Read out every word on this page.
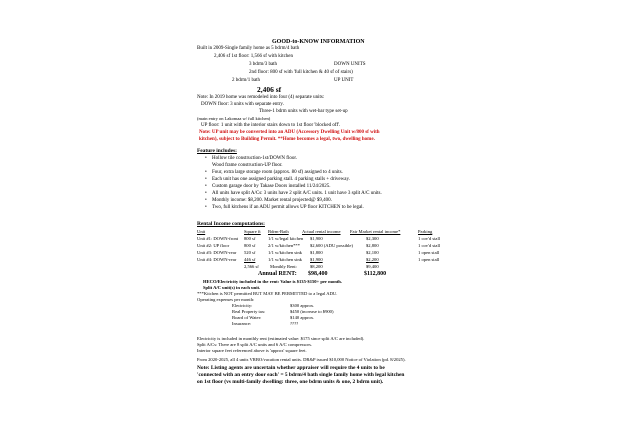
GOOD-to-KNOW INFORMATION
Built in 2009-Single family home as 5 bdrm/4 bath
2,406 sf 1st floor: 1,566 sf with kitchen
3 bdrm/3 bath	DOWN UNITS
2nd floor: 800 sf with 'full kitchen & 40 sf of stairs)
2 bdrm/1 bath	UP UNIT
2,406 sf
Note: In 2019 home was remodeled into four (4) separate units:
DOWN floor: 3 units with separate entry.
Three-1 bdrm units with wet-bar type set-up
(main entry on Lakomaa w/ full kitchen)
UP floor: 1 unit with the interior stairs down to 1st floor 'blocked off'.
Note: UP unit may be converted into an ADU (Accessory Dwelling Unit w/800 sf with
kitchen), subject to Building Permit. **Home becomes a legal, two, dwelling home.
Feature includes:
• Hollow tile construction-1st/DOWN floor.
Wood frame construction-UP floor.
• Four, extra large storage room (approx. 80 sf) assigned to 4 units.
• Each unit has one assigned parking stall. 4 parking stalls + driveway.
• Custom garage door by Takase Doors installed 11/24/2025.
• All units have split A/Cs: 3 units have 2 split A/C units. 1 unit have 3 split A/C units.
• Monthly income: $8,200. Market rental projected@ $9,400.
• Two, full kitchens if an ADU permit allows UP floor KITCHEN to be legal.
Rental Income computations:
Unit	Square ft Bdrm-Bath	Actual rental income Fair Market rental income*	Parking
Unit #1: DOWN-front 800 sf	1/1 w/legal kitchen $1,900	$2,300	1 cov'd stall
Unit #2: UP floor	800 sf	2/1 w/kitchen*** $2,600 (ADU possible)	$2,800	1 cov'd stall
Unit #3: DOWN-rear 520 sf	1/1 w/kitchen sink $1,800	$2,100	1 open stall
Unit #4: DOWN-rear 446 sf	1/1 w/kitchen sink $1,900	$2,200	1 open stall
2,566 sf Monthly Rent:	$8,200	$9,400
Annual RENT: $98,400	$112,800
HECO/Electricity included in the rent: Value is $135-$150+ per month.
Split A/C unit(s) in each unit.
***Kitchen is NOT permitted BUT MAY BE PERMITTED to a legal ADU.
Operating expenses per month:
Electricity:	$300 approx.
Real Property tax:	$450 (increase to $900)
Board of Water:	$140 approx.
Insurance:	????
Electricity is included in monthly rent (estimated value: $175 since split A/C are included).
Split A/Cs: There are 8 split A/C units and 6 A/C compressors.
Interior square feet referenced above is 'approx' square feet.
From 2020-2025, all 4 units VRBO/vacation rental units. DR&P issued $10,000 Notice of Violation (pd. 8/2025).
Note: Listing agents are uncertain whether appraiser will require the 4 units to be
'connected with an entry door each' = 5 bdrm/4 bath single family home with legal kitchen
on 1st floor (vs multi-family dwelling: three, one bdrm units & one, 2 bdrm unit).
